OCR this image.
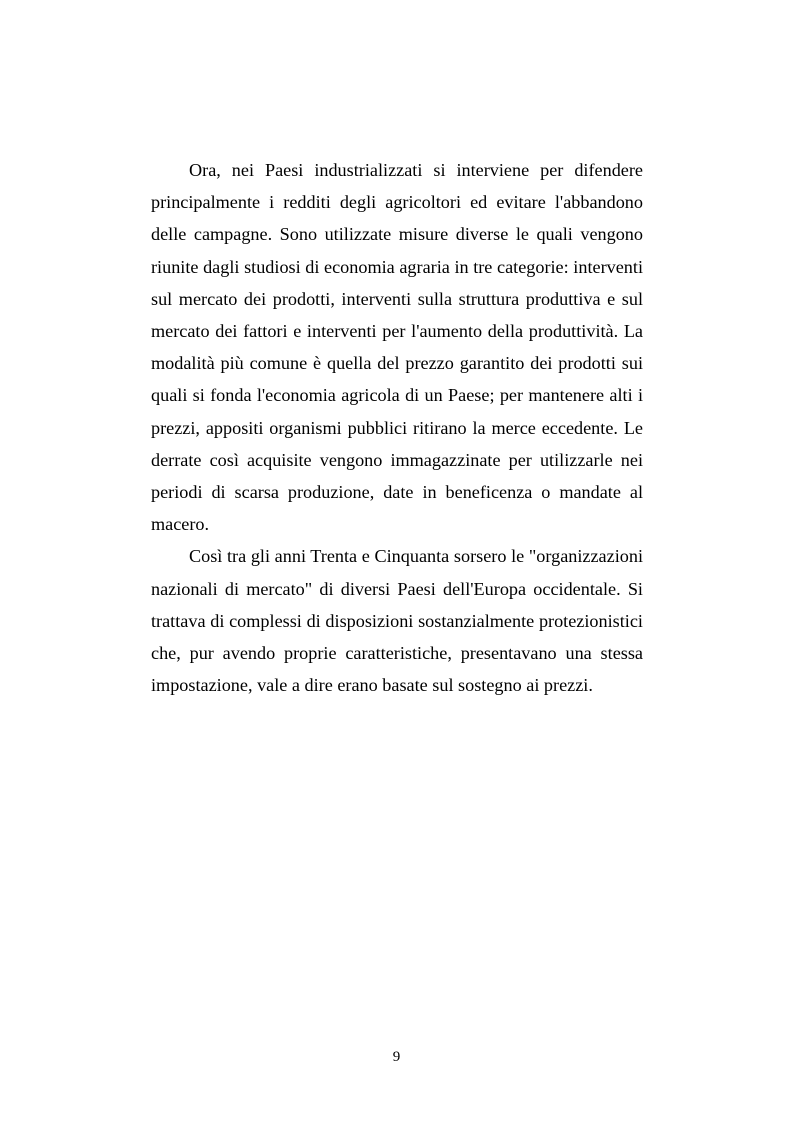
Ora, nei Paesi industrializzati si interviene per difendere principalmente i redditi degli agricoltori ed evitare l'abbandono delle campagne. Sono utilizzate misure diverse le quali vengono riunite dagli studiosi di economia agraria in tre categorie: interventi sul mercato dei prodotti, interventi sulla struttura produttiva e sul mercato dei fattori e interventi per l'aumento della produttività. La modalità più comune è quella del prezzo garantito dei prodotti sui quali si fonda l'economia agricola di un Paese; per mantenere alti i prezzi, appositi organismi pubblici ritirano la merce eccedente. Le derrate così acquisite vengono immagazzinate per utilizzarle nei periodi di scarsa produzione, date in beneficenza o mandate al macero.

Così tra gli anni Trenta e Cinquanta sorsero le "organizzazioni nazionali di mercato" di diversi Paesi dell'Europa occidentale. Si trattava di complessi di disposizioni sostanzialmente protezionistici che, pur avendo proprie caratteristiche, presentavano una stessa impostazione, vale a dire erano basate sul sostegno ai prezzi.

9
